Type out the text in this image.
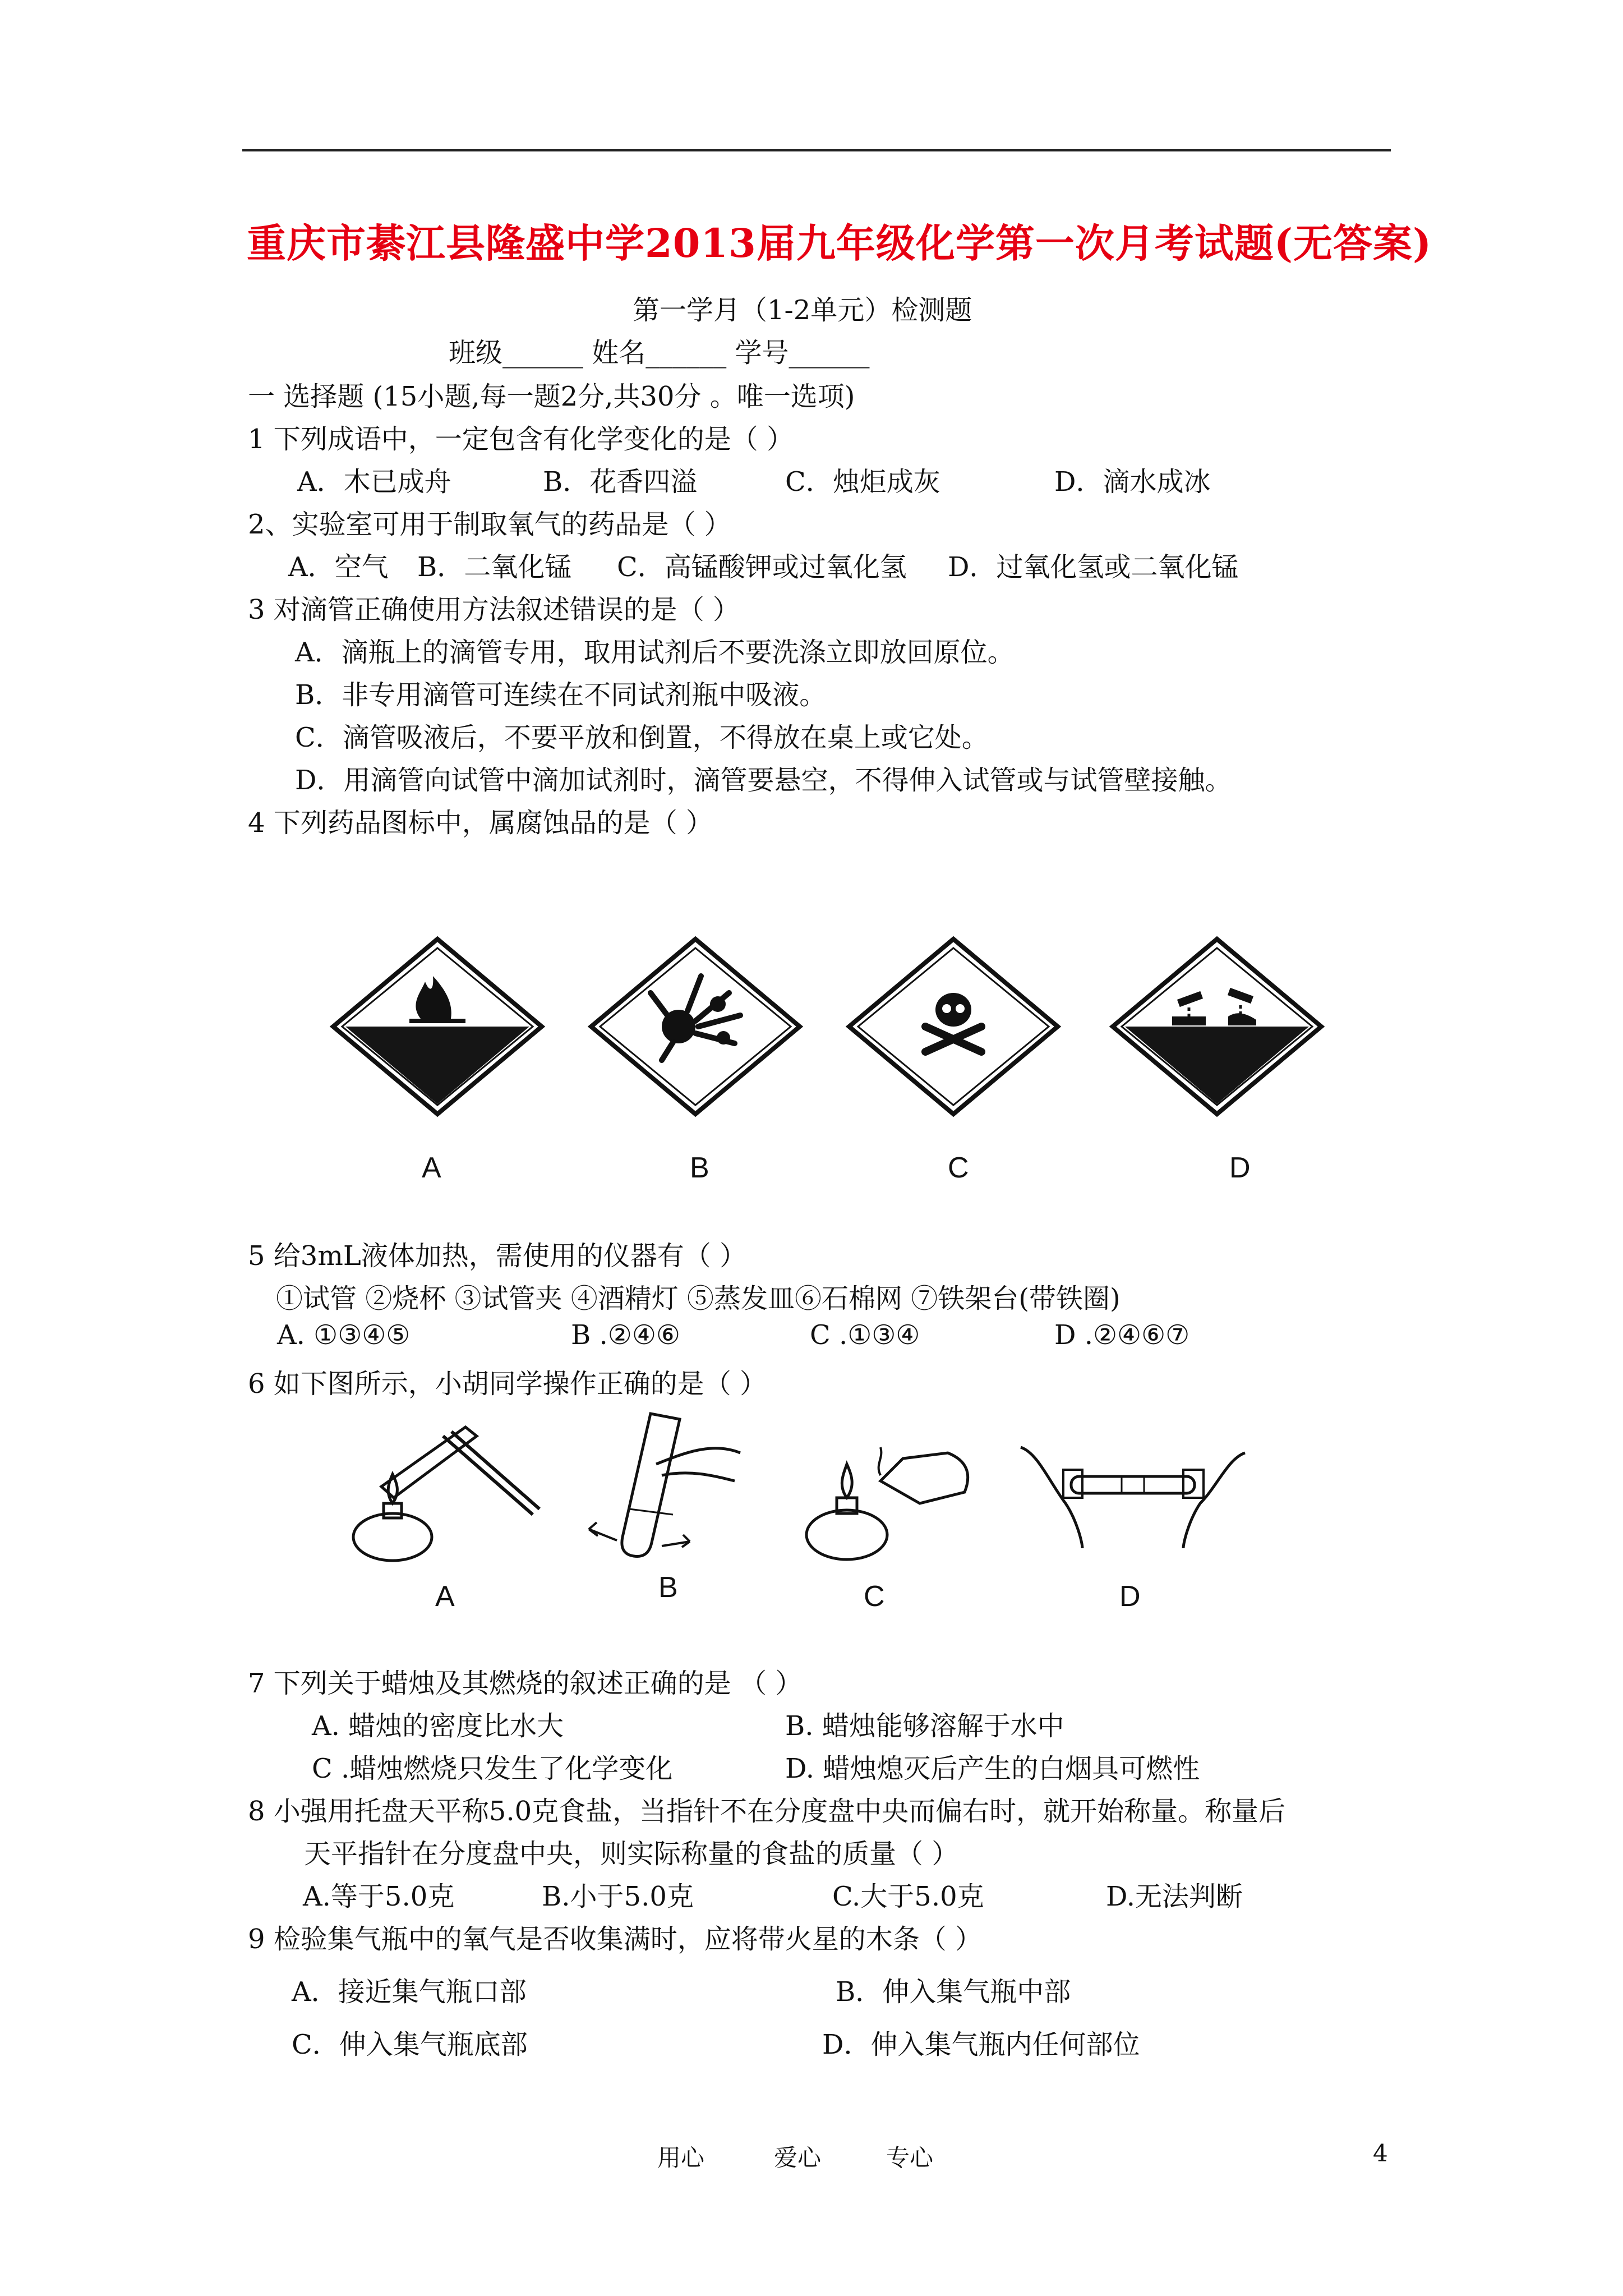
重庆市綦江县隆盛中学2013届九年级化学第一次月考试题(无答案)
第一学月（1-2单元）检测题
班级______ 姓名______ 学号______
一 选择题 (15小题,每一题2分,共30分 。唯一选项)
1 下列成语中，一定包含有化学变化的是（ ）
A．木已成舟	B．花香四溢	C．烛炬成灰	D．滴水成冰
2、实验室可用于制取氧气的药品是（ ）
A．空气 B．二氧化锰 C．高锰酸钾或过氧化氢 D．过氧化氢或二氧化锰
3 对滴管正确使用方法叙述错误的是（ ）
A．滴瓶上的滴管专用，取用试剂后不要洗涤立即放回原位。
B．非专用滴管可连续在不同试剂瓶中吸液。
C．滴管吸液后，不要平放和倒置，不得放在桌上或它处。
D．用滴管向试管中滴加试剂时，滴管要悬空，不得伸入试管或与试管壁接触。
4 下列药品图标中，属腐蚀品的是（ ）
A	B	C	D
5 给3mL液体加热，需使用的仪器有（ ）
①试管 ②烧杯 ③试管夹 ④酒精灯 ⑤蒸发皿⑥石棉网 ⑦铁架台(带铁圈)
A. ①③④⑤	B .②④⑥	C .①③④	D .②④⑥⑦
6 如下图所示，小胡同学操作正确的是（ ）
A	B	C	D
7 下列关于蜡烛及其燃烧的叙述正确的是 （ ）
A. 蜡烛的密度比水大	B. 蜡烛能够溶解于水中
C .蜡烛燃烧只发生了化学变化	D. 蜡烛熄灭后产生的白烟具可燃性
8 小强用托盘天平称5.0克食盐，当指针不在分度盘中央而偏右时，就开始称量。称量后
天平指针在分度盘中央，则实际称量的食盐的质量（ ）
A.等于5.0克	B.小于5.0克	C.大于5.0克	D.无法判断
9 检验集气瓶中的氧气是否收集满时，应将带火星的木条（ ）
A．接近集气瓶口部	B．伸入集气瓶中部
C．伸入集气瓶底部	D．伸入集气瓶内任何部位
用心	爱心	专心	4
